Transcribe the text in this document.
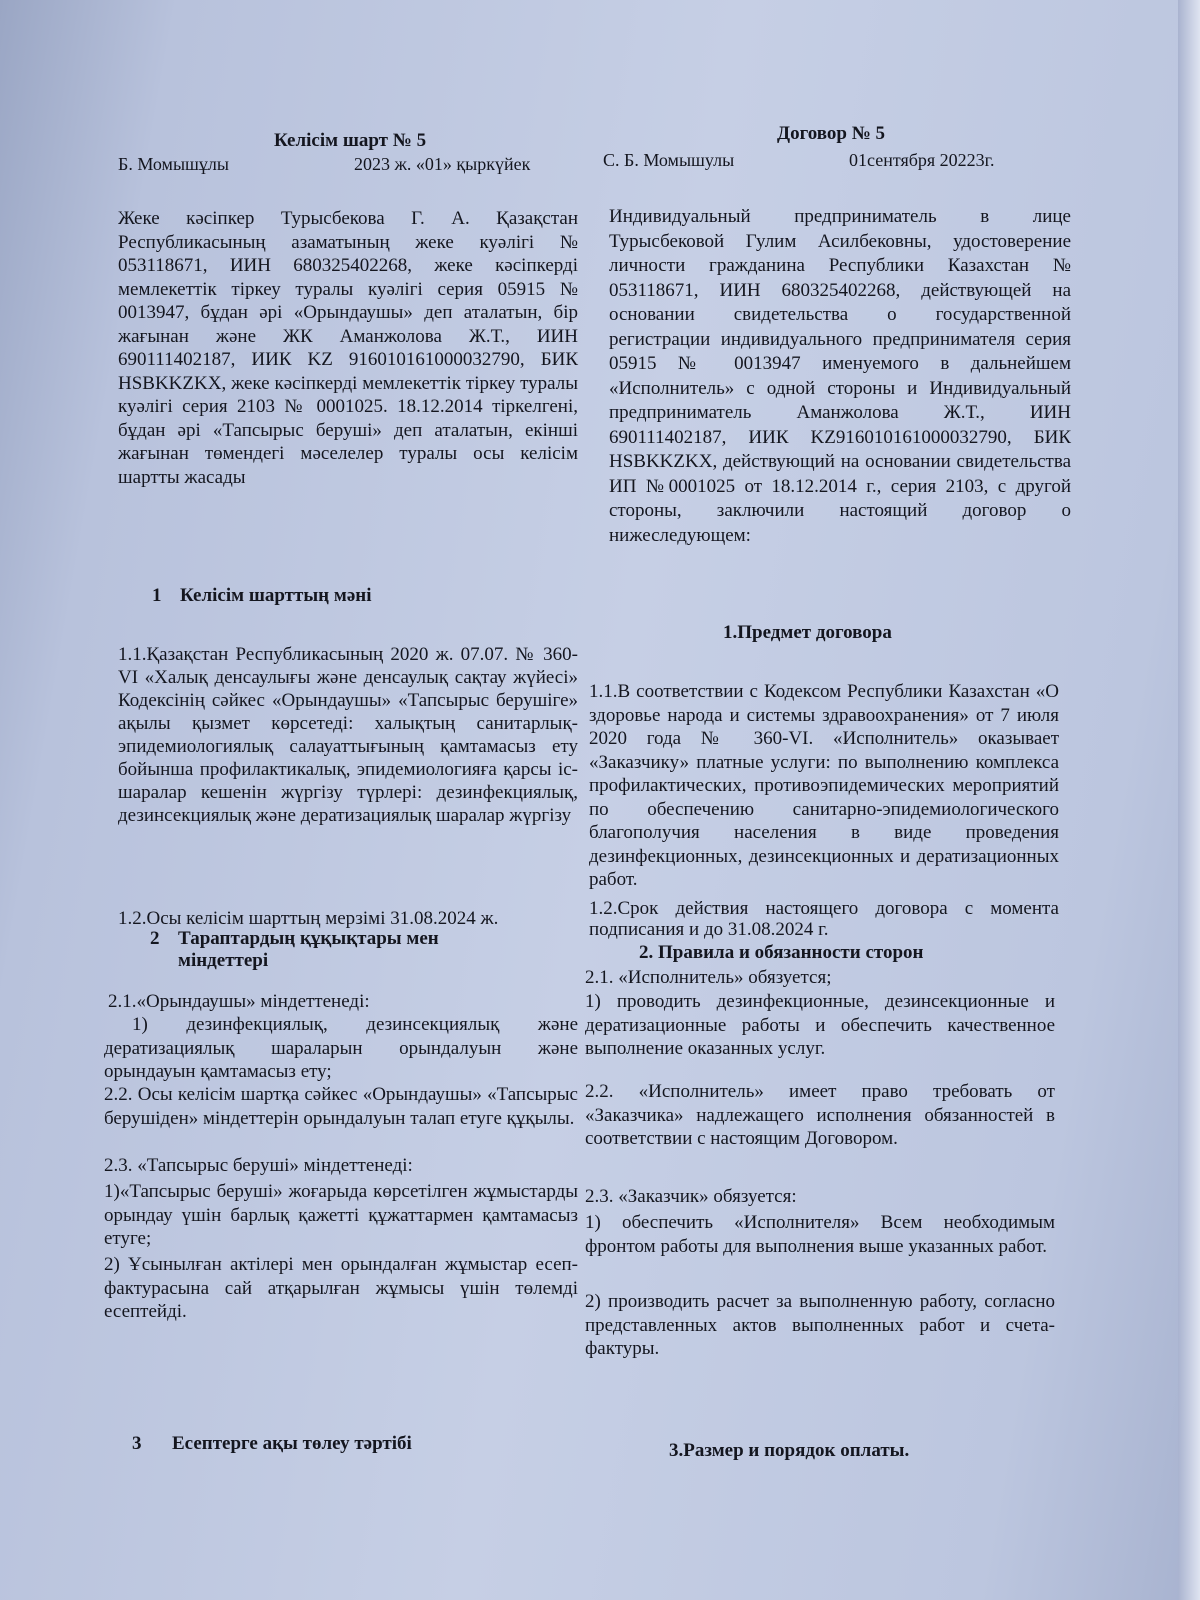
Келісім шарт № 5
Б. Момышұлы	2023 ж. «01» қыркүйек

Жеке кәсіпкер Турысбекова Г. А. Қазақстан Республикасының азаматының жеке куәлігі № 053118671, ИИН 680325402268, жеке кәсіпкерді мемлекеттік тіркеу туралы куәлігі серия 05915 № 0013947, бұдан әрі «Орындаушы» деп аталатын, бір жағынан және ЖК Аманжолова Ж.Т., ИИН 690111402187, ИИК KZ 916010161000032790, БИК HSBKKZKX, жеке кәсіпкерді мемлекеттік тіркеу туралы куәлігі серия 2103 № 0001025. 18.12.2014 тіркелгені, бұдан әрі «Тапсырыс беруші» деп аталатын, екінші жағынан төмендегі мәселелер туралы осы келісім шартты жасады

1 Келісім шарттың мәні

1.1.Қазақстан Республикасының 2020 ж. 07.07. № 360-VI «Халық денсаулығы және денсаулық сақтау жүйесі» Кодексінің сәйкес «Орындаушы» «Тапсырыс берушіге» ақылы қызмет көрсетеді: халықтың санитарлық-эпидемиологиялық салауаттығының қамтамасыз ету бойынша профилактикалық, эпидемиологияға қарсы іс-шаралар кешенін жүргізу түрлері: дезинфекциялық, дезинсекциялық және дератизациялық шаралар жүргізу

1.2.Осы келісім шарттың мерзімі 31.08.2024 ж.

2 Тараптардың құқықтары мен
міндеттері

2.1.«Орындаушы» міндеттенеді:

1) дезинфекциялық, дезинсекциялық және дератизациялық шараларын орындалуын және орындауын қамтамасыз ету;

2.2. Осы келісім шартқа сәйкес «Орындаушы» «Тапсырыс берушіден» міндеттерін орындалуын талап етуге құқылы.

2.3. «Тапсырыс беруші» міндеттенеді:

1)«Тапсырыс беруші» жоғарыда көрсетілген жұмыстарды орындау үшін барлық қажетті құжаттармен қамтамасыз етуге;

2) Ұсынылған актілері мен орындалған жұмыстар есеп-фактурасына сай атқарылған жұмысы үшін төлемді есептейді.

3 Есептерге ақы төлеу тәртібі
Договор № 5
С. Б. Момышулы	01сентября 20223г.

Индивидуальный предприниматель в лице Турысбековой Гулим Асилбековны, удостоверение личности гражданина Республики Казахстан № 053118671, ИИН 680325402268, действующей на основании свидетельства о государственной регистрации индивидуального предпринимателя серия 05915 № 0013947 именуемого в дальнейшем «Исполнитель» с одной стороны и Индивидуальный предприниматель Аманжолова Ж.Т., ИИН 690111402187, ИИК KZ916010161000032790, БИК HSBKKZKX, действующий на основании свидетельства ИП №0001025 от 18.12.2014 г., серия 2103, с другой стороны, заключили настоящий договор о нижеследующем:

1.Предмет договора

1.1.В соответствии с Кодексом Республики Казахстан «О здоровье народа и системы здравоохранения» от 7 июля 2020 года № 360-VI. «Исполнитель» оказывает «Заказчику» платные услуги: по выполнению комплекса профилактических, противоэпидемических мероприятий по обеспечению санитарно-эпидемиологического благополучия населения в виде проведения дезинфекционных, дезинсекционных и дератизационных работ.

1.2.Срок действия настоящего договора с момента подписания и до 31.08.2024 г.

2. Правила и обязанности сторон

2.1. «Исполнитель» обязуется;

1) проводить дезинфекционные, дезинсекционные и дератизационные работы и обеспечить качественное выполнение оказанных услуг.

2.2. «Исполнитель» имеет право требовать от «Заказчика» надлежащего исполнения обязанностей в соответствии с настоящим Договором.

2.3. «Заказчик» обязуется:

1) обеспечить «Исполнителя» Всем необходимым фронтом работы для выполнения выше указанных работ.

2) производить расчет за выполненную работу, согласно представленных актов выполненных работ и счета-фактуры.

3.Размер и порядок оплаты.
